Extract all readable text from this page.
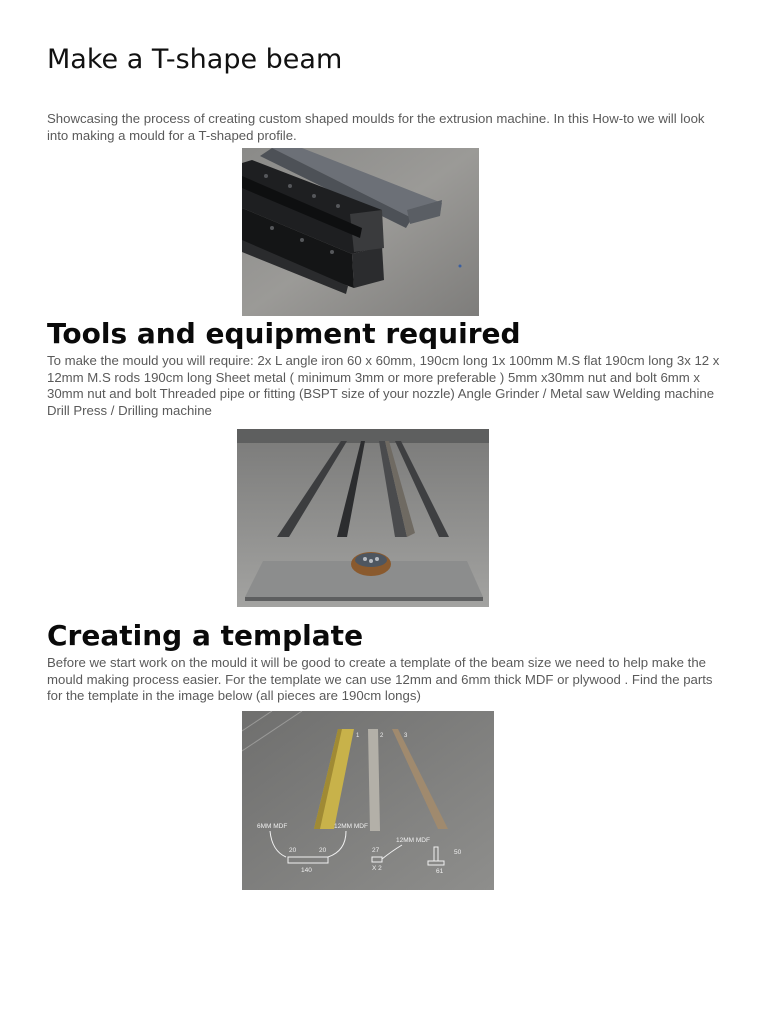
Make a T-shape beam

Showcasing the process of creating custom shaped moulds for the extrusion machine. In this How-to we will look into making a mould for a T-shaped profile.

Tools and equipment required

To make the mould you will require: 2x L angle iron 60 x 60mm, 190cm long 1x 100mm M.S flat 190cm long 3x 12 x 12mm M.S rods 190cm long Sheet metal ( minimum 3mm or more preferable ) 5mm x30mm nut and bolt 6mm x 30mm nut and bolt Threaded pipe or fitting (BSPT size of your nozzle) Angle Grinder / Metal saw Welding machine Drill Press / Drilling machine

Creating a template

Before we start work on the mould it will be good to create a template of the beam size we need to help make the mould making process easier. For the template we can use 12mm and 6mm thick MDF or plywood . Find the parts for the template in the image below (all pieces are 190cm longs)

1	2	3
6MM MDF	12MM MDF
12MM MDF
20	20
140
27
X 2
50
61
